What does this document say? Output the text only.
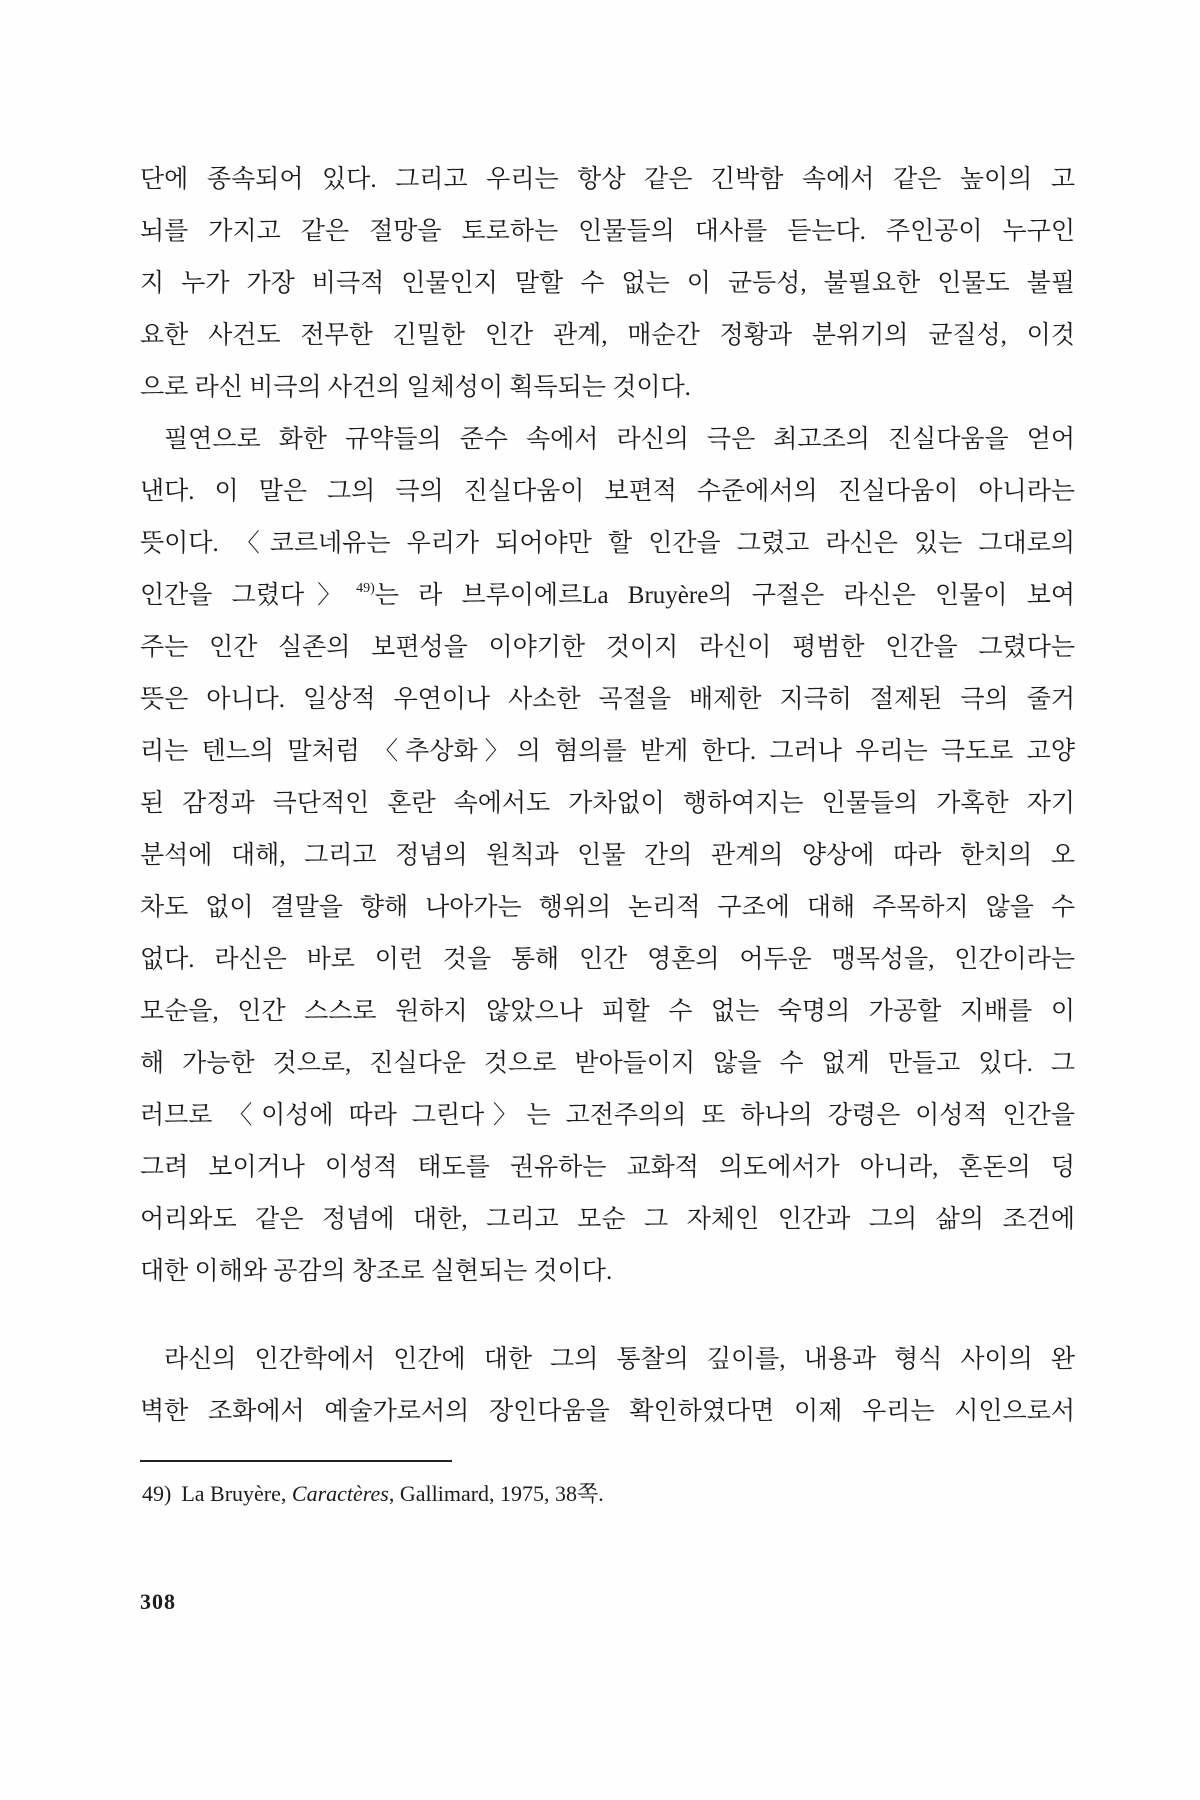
단에 종속되어 있다. 그리고 우리는 항상 같은 긴박함 속에서 같은 높이의 고
뇌를 가지고 같은 절망을 토로하는 인물들의 대사를 듣는다. 주인공이 누구인
지 누가 가장 비극적 인물인지 말할 수 없는 이 균등성, 불필요한 인물도 불필
요한 사건도 전무한 긴밀한 인간 관계, 매순간 정황과 분위기의 균질성, 이것
으로 라신 비극의 사건의 일체성이 획득되는 것이다.
필연으로 화한 규약들의 준수 속에서 라신의 극은 최고조의 진실다움을 얻어
낸다. 이 말은 그의 극의 진실다움이 보편적 수준에서의 진실다움이 아니라는
뜻이다. 〈코르네유는 우리가 되어야만 할 인간을 그렸고 라신은 있는 그대로의
인간을 그렸다〉$^{49)}$는 라 브루이에르La Bruyère의 구절은 라신은 인물이 보여
주는 인간 실존의 보편성을 이야기한 것이지 라신이 평범한 인간을 그렸다는
뜻은 아니다. 일상적 우연이나 사소한 곡절을 배제한 지극히 절제된 극의 줄거
리는 텐느의 말처럼 〈추상화〉의 혐의를 받게 한다. 그러나 우리는 극도로 고양
된 감정과 극단적인 혼란 속에서도 가차없이 행하여지는 인물들의 가혹한 자기
분석에 대해, 그리고 정념의 원칙과 인물 간의 관계의 양상에 따라 한치의 오
차도 없이 결말을 향해 나아가는 행위의 논리적 구조에 대해 주목하지 않을 수
없다. 라신은 바로 이런 것을 통해 인간 영혼의 어두운 맹목성을, 인간이라는
모순을, 인간 스스로 원하지 않았으나 피할 수 없는 숙명의 가공할 지배를 이
해 가능한 것으로, 진실다운 것으로 받아들이지 않을 수 없게 만들고 있다. 그
러므로 〈이성에 따라 그린다〉는 고전주의의 또 하나의 강령은 이성적 인간을
그려 보이거나 이성적 태도를 권유하는 교화적 의도에서가 아니라, 혼돈의 덩
어리와도 같은 정념에 대한, 그리고 모순 그 자체인 인간과 그의 삶의 조건에
대한 이해와 공감의 창조로 실현되는 것이다.
라신의 인간학에서 인간에 대한 그의 통찰의 깊이를, 내용과 형식 사이의 완
벽한 조화에서 예술가로서의 장인다움을 확인하였다면 이제 우리는 시인으로서
49) La Bruyère, Caractères, Gallimard, 1975, 38쪽.
308
